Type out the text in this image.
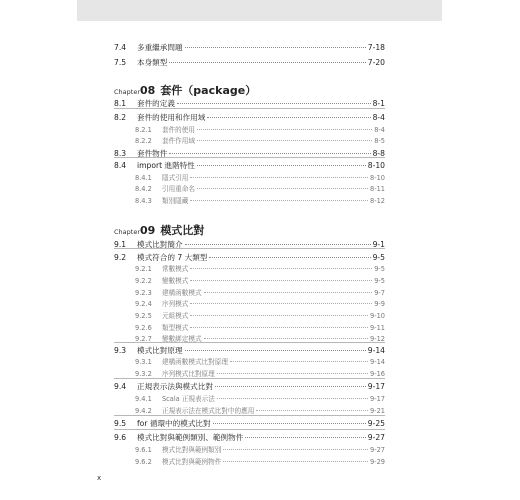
7.4	多重繼承問題	7-18
7.5	本身類型	7-20
Chapter 08 套件（package）
8.1	套件的定義	8-1
8.2	套件的使用和作用域	8-4
8.2.1	套件的使用	8-4
8.2.2	套件作用域	8-5
8.3	套件物件	8-8
8.4	import 進階特性	8-10
8.4.1	隱式引用	8-10
8.4.2	引用重命名	8-11
8.4.3	類別隱藏	8-12
Chapter 09 模式比對
9.1	模式比對簡介	9-1
9.2	模式符合的 7 大類型	9-5
9.2.1	常數模式	9-5
9.2.2	變數模式	9-5
9.2.3	建構函數模式	9-7
9.2.4	序列模式	9-9
9.2.5	元組模式	9-10
9.2.6	類型模式	9-11
9.2.7	變數綁定模式	9-12
9.3	模式比對原理	9-14
9.3.1	建構函數模式比對原理	9-14
9.3.2	序列模式比對原理	9-16
9.4	正規表示法與模式比對	9-17
9.4.1	Scala 正規表示法	9-17
9.4.2	正規表示法在模式比對中的應用	9-21
9.5	for 循環中的模式比對	9-25
9.6	模式比對與範例類別、範例物件	9-27
9.6.1	模式比對與範例類別	9-27
9.6.2	模式比對與範例物件	9-29
x
